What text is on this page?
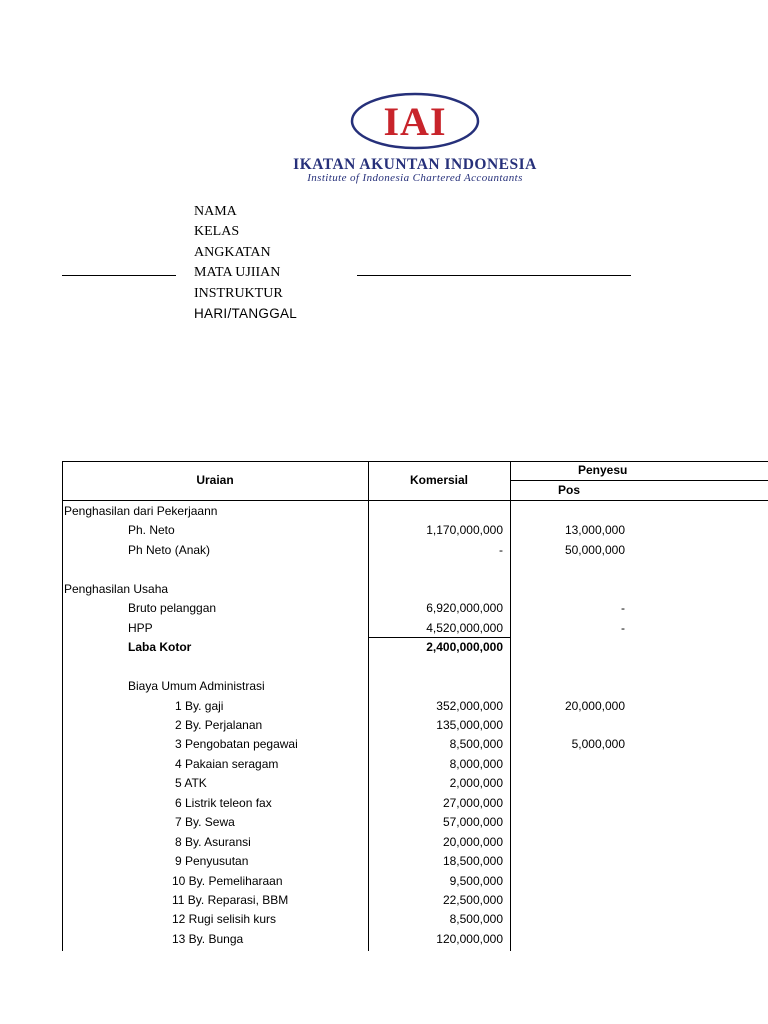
IAI
IKATAN AKUNTAN INDONESIA
Institute of Indonesia Chartered Accountants
NAMA
KELAS
ANGKATAN
MATA UJIIAN
INSTRUKTUR
HARI/TANGGAL
Uraian	Komersial
Penyesu
Pos
Penghasilan dari Pekerjaann
Ph. Neto	1,170,000,000	13,000,000
Ph Neto (Anak)	-	50,000,000
Penghasilan Usaha
Bruto pelanggan	6,920,000,000	-
HPP	4,520,000,000	-
Laba Kotor	2,400,000,000
Biaya Umum Administrasi
1 By. gaji	352,000,000	20,000,000
2 By. Perjalanan	135,000,000
3 Pengobatan pegawai	8,500,000	5,000,000
4 Pakaian seragam	8,000,000
5 ATK	2,000,000
6 Listrik teleon fax	27,000,000
7 By. Sewa	57,000,000
8 By. Asuransi	20,000,000
9 Penyusutan	18,500,000
10 By. Pemeliharaan	9,500,000
11 By. Reparasi, BBM	22,500,000
12 Rugi selisih kurs	8,500,000
13 By. Bunga	120,000,000
